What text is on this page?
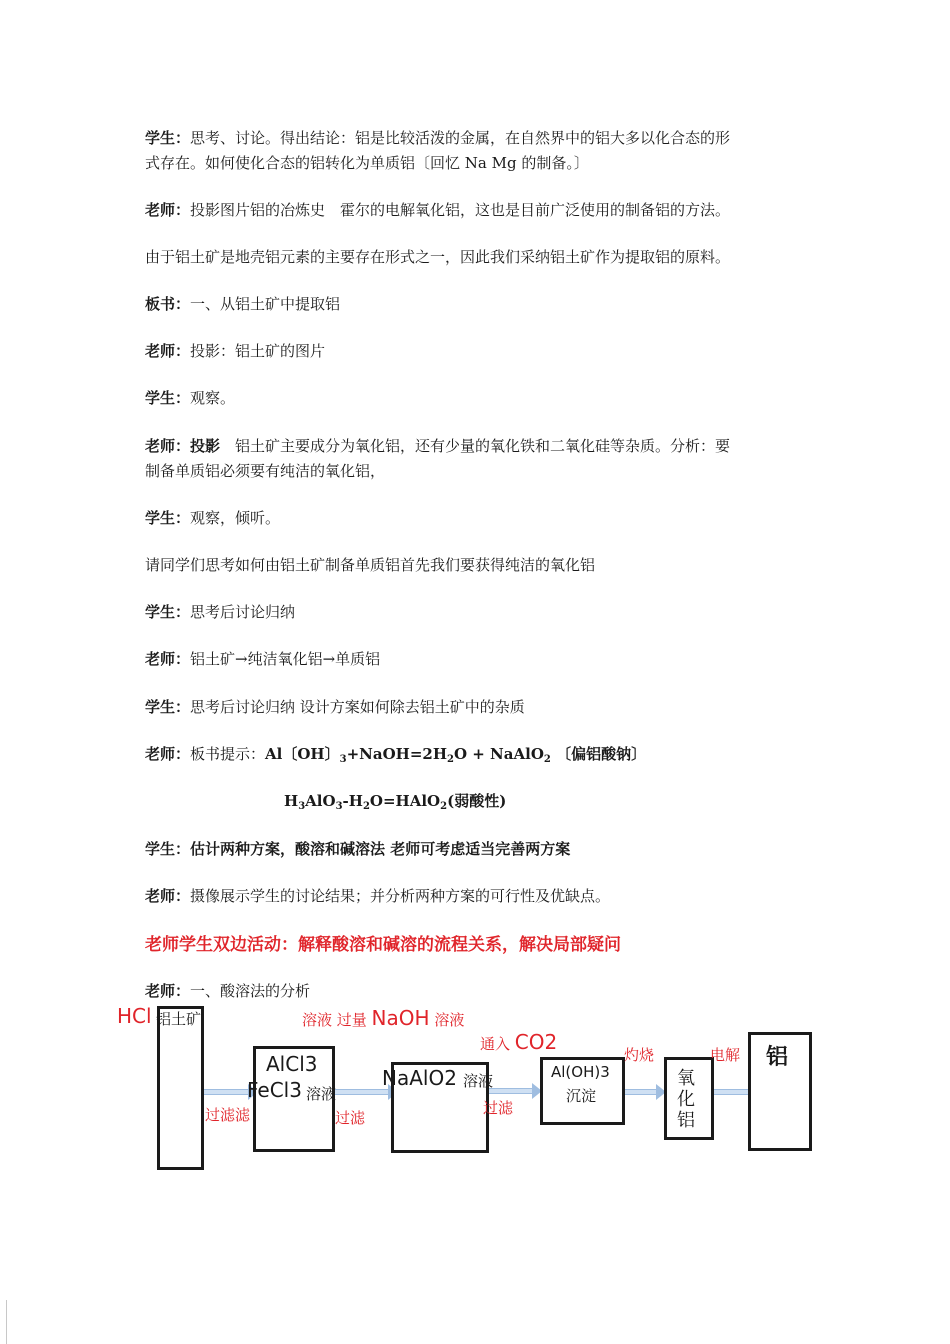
学生：思考、讨论。得出结论：铝是比较活泼的金属，在自然界中的铝大多以化合态的形
式存在。如何使化合态的铝转化为单质铝〔回忆 Na Mg 的制备。〕
老师：投影图片铝的冶炼史　霍尔的电解氧化铝，这也是目前广泛使用的制备铝的方法。
由于铝土矿是地壳铝元素的主要存在形式之一，因此我们采纳铝土矿作为提取铝的原料。
板书：一、从铝土矿中提取铝
老师：投影：铝土矿的图片
学生：观察。
老师：投影　铝土矿主要成分为氧化铝，还有少量的氧化铁和二氧化硅等杂质。分析：要
制备单质铝必须要有纯洁的氧化铝，
学生：观察，倾听。
请同学们思考如何由铝土矿制备单质铝首先我们要获得纯洁的氧化铝
学生：思考后讨论归纳
老师：铝土矿→纯洁氧化铝→单质铝
学生：思考后讨论归纳 设计方案如何除去铝土矿中的杂质
老师：板书提示：Al〔OH〕$_3+NaOH=2H_2O$ + NaAlO$_2$ 〔偏铝酸钠〕
$H_3AlO_3-H_2O=HAlO_2$(弱酸性)
学生：估计两种方案，酸溶和碱溶法 老师可考虑适当完善两方案
老师：摄像展示学生的讨论结果；并分析两种方案的可行性及优缺点。
老师学生双边活动：解释酸溶和碱溶的流程关系，解决局部疑问
老师：一、酸溶法的分析
铝土矿
HCl
过滤滤
AlCl3
FeCl3 溶液
溶液 过量 NaOH 溶液
过滤
NaAlO2 溶液
过滤
通入 CO2
Al(OH)3
沉淀
灼烧
氧
化
铝
电解 铝
